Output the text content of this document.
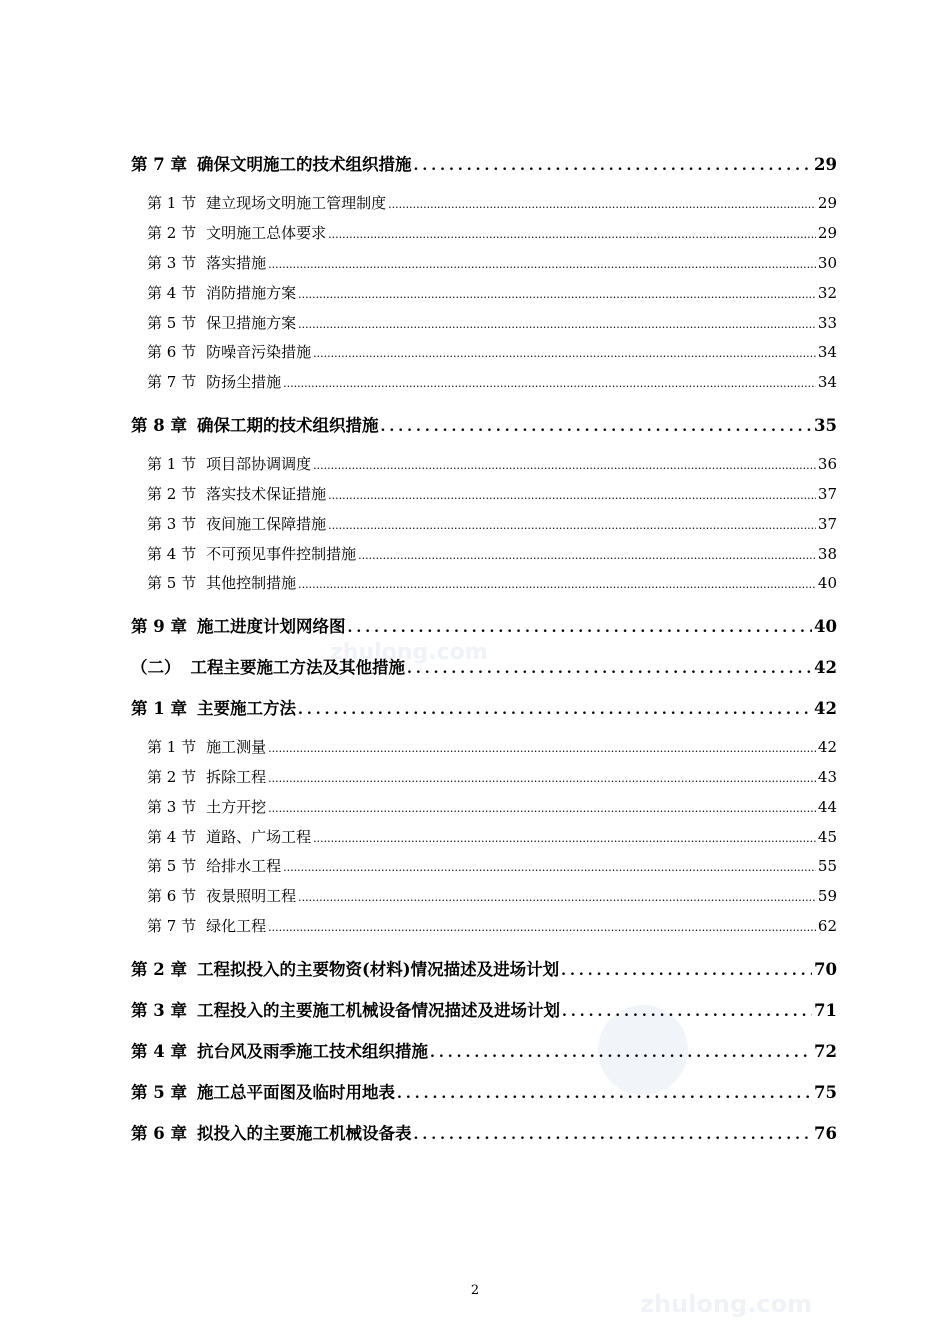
zhulong.com
zhulong.com
第 7 章 确保文明施工的技术组织措施 .....	29
第 1 节 建立现场文明施工管理制度 .....	29
第 2 节 文明施工总体要求 .....	29
第 3 节 落实措施 .....	30
第 4 节 消防措施方案 .....	32
第 5 节 保卫措施方案 .....	33
第 6 节 防噪音污染措施 .....	34
第 7 节 防扬尘措施 .....	34
第 8 章 确保工期的技术组织措施 .....	35
第 1 节 项目部协调调度 .....	36
第 2 节 落实技术保证措施 .....	37
第 3 节 夜间施工保障措施 .....	37
第 4 节 不可预见事件控制措施 .....	38
第 5 节 其他控制措施 .....	40
第 9 章 施工进度计划网络图 .....	40
（二） 工程主要施工方法及其他措施 .....	42
第 1 章 主要施工方法 .....	42
第 1 节 施工测量 .....	42
第 2 节 拆除工程 .....	43
第 3 节 土方开挖 .....	44
第 4 节 道路、广场工程 .....	45
第 5 节 给排水工程 .....	55
第 6 节 夜景照明工程 .....	59
第 7 节 绿化工程 .....	62
第 2 章 工程拟投入的主要物资(材料)情况描述及进场计划 .....	70
第 3 章 工程投入的主要施工机械设备情况描述及进场计划 .....	71
第 4 章 抗台风及雨季施工技术组织措施 .....	72
第 5 章 施工总平面图及临时用地表 .....	75
第 6 章 拟投入的主要施工机械设备表 .....	76
2
